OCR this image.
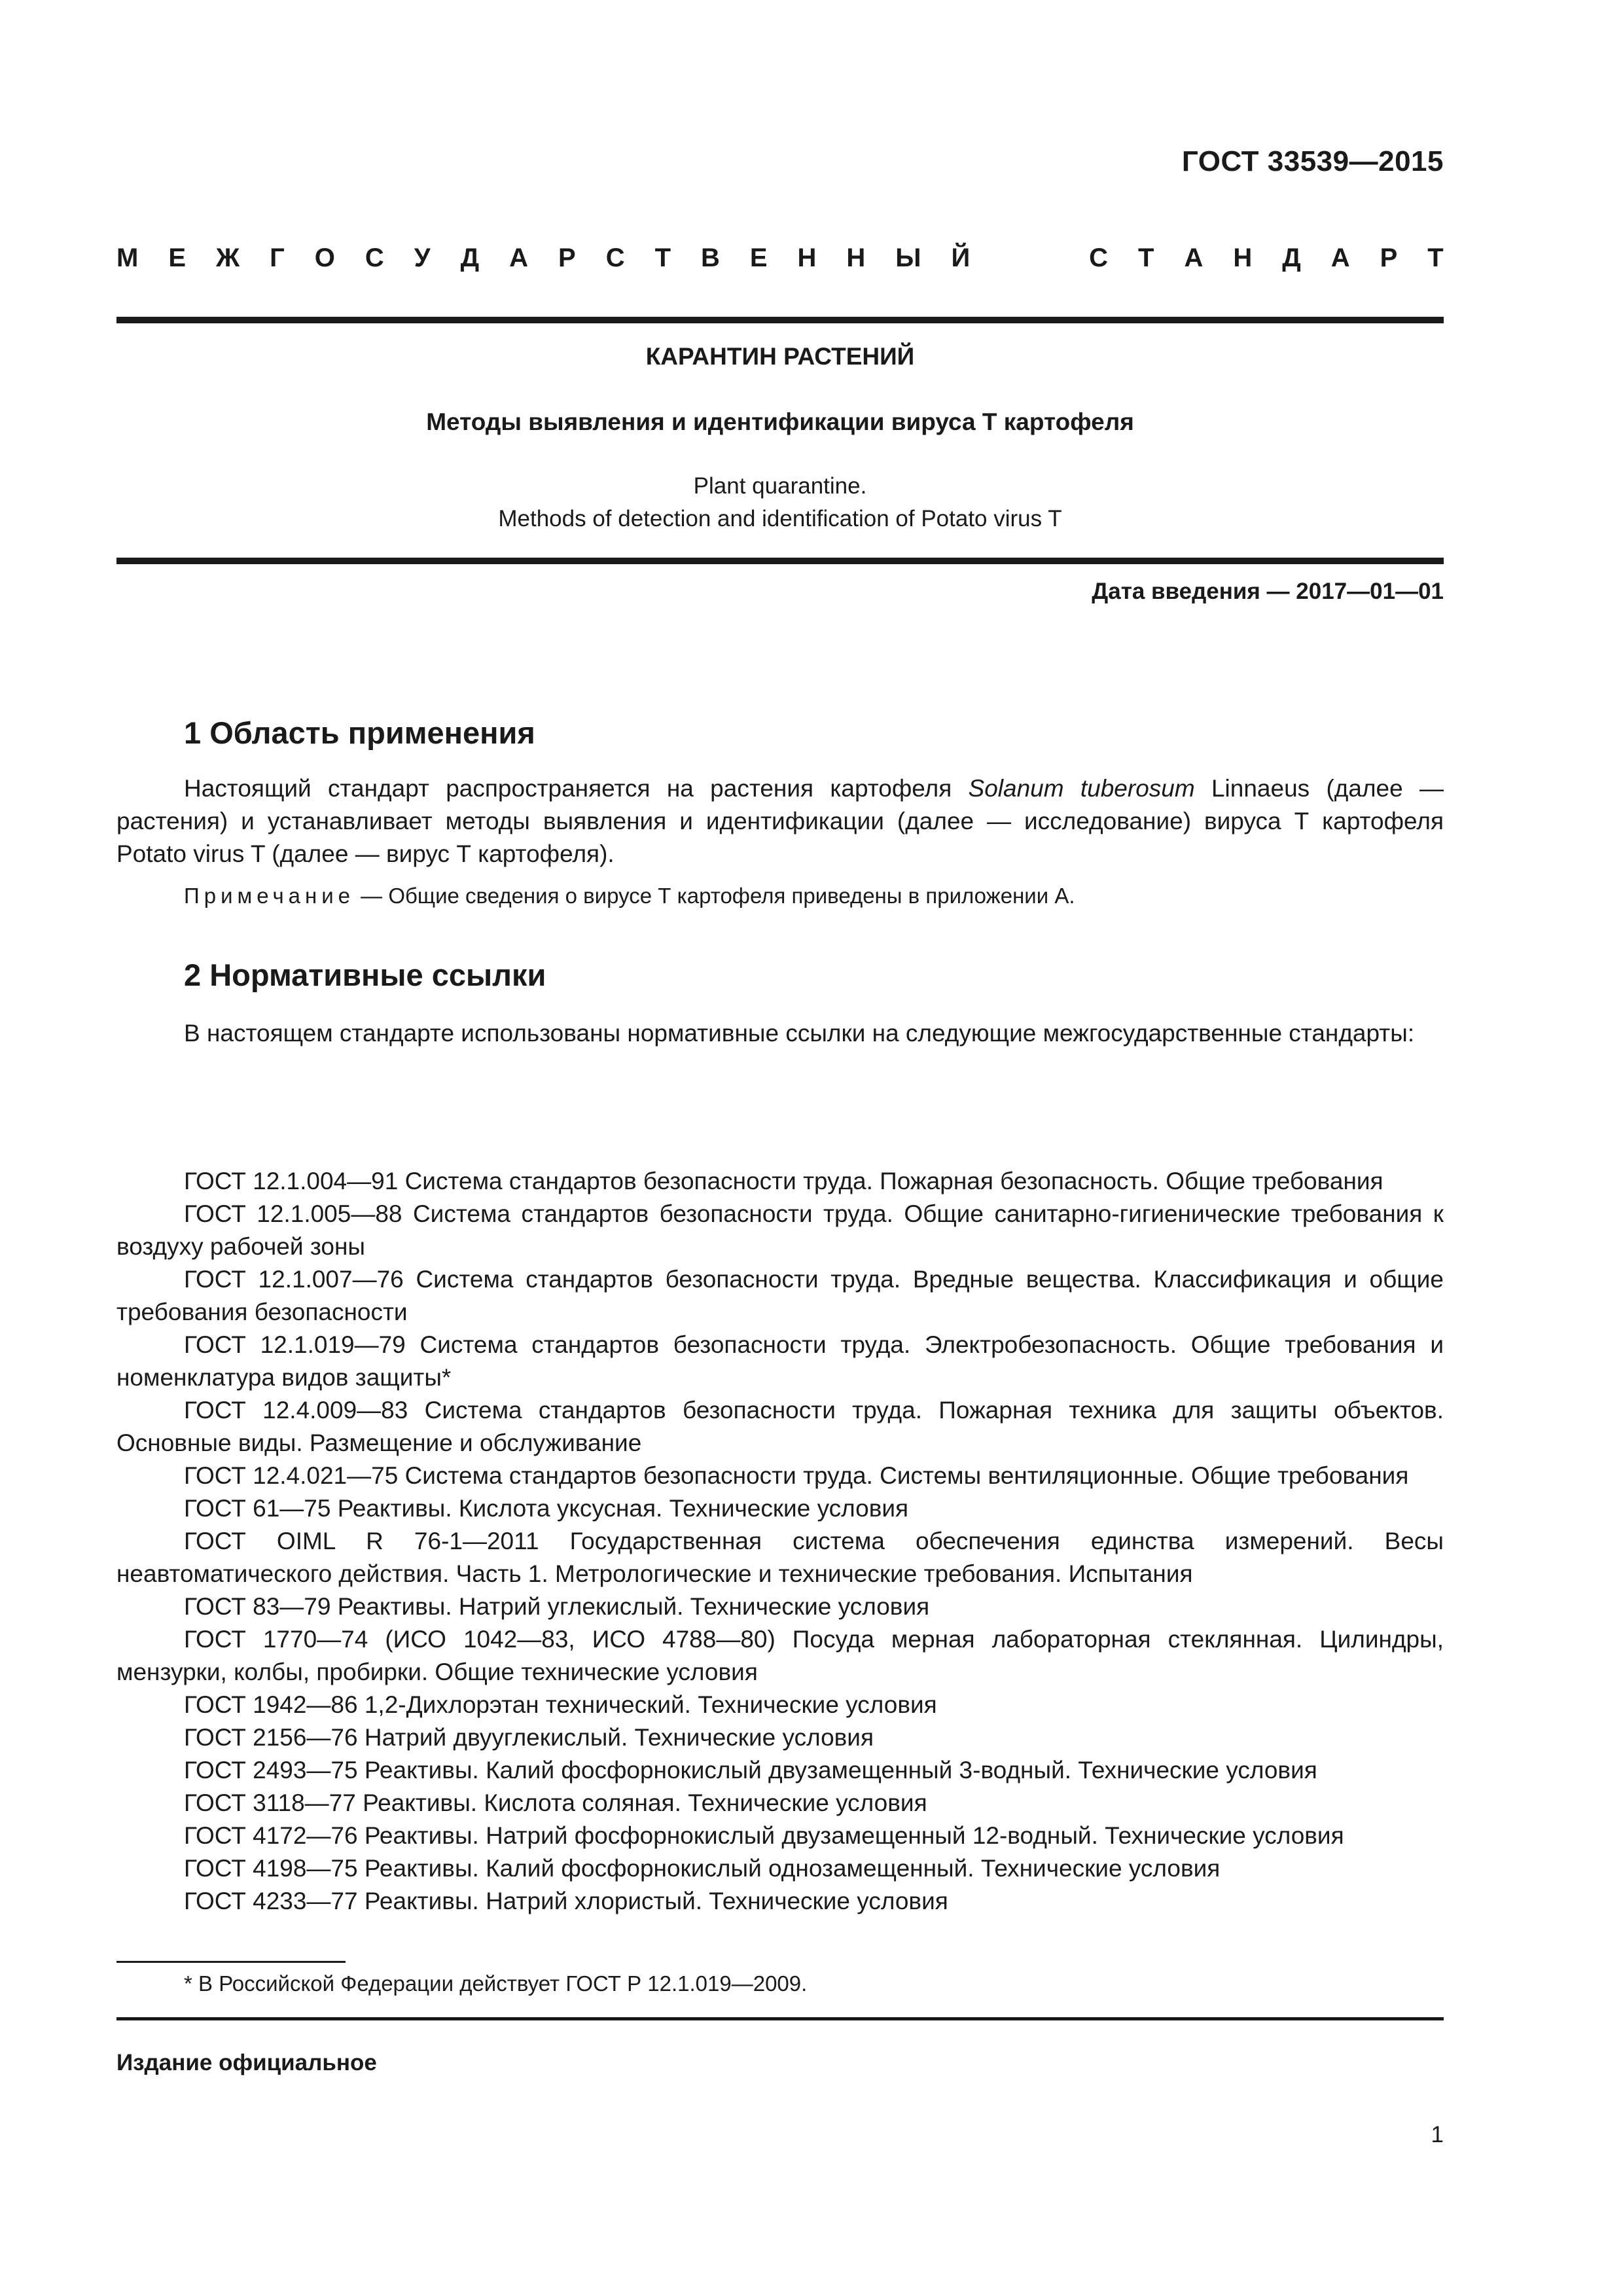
ГОСТ 33539—2015
М Е Ж Г О С У Д А Р С Т В Е Н Н Ы Й	С Т А Н Д А Р Т
КАРАНТИН РАСТЕНИЙ
Методы выявления и идентификации вируса Т картофеля
Plant quarantine.
Methods of detection and identification of Potato virus T
Дата введения — 2017—01—01
1 Область применения
Настоящий стандарт распространяется на растения картофеля Solanum tuberosum Linnaeus (далее — растения) и устанавливает методы выявления и идентификации (далее — исследование) вируса Т картофеля Potato virus T (далее — вирус Т картофеля).
Примечание — Общие сведения о вирусе Т картофеля приведены в приложении А.
2 Нормативные ссылки
В настоящем стандарте использованы нормативные ссылки на следующие межгосударственные стандарты:
ГОСТ 12.1.004—91 Система стандартов безопасности труда. Пожарная безопасность. Общие требования
ГОСТ 12.1.005—88 Система стандартов безопасности труда. Общие санитарно-гигиенические требования к воздуху рабочей зоны
ГОСТ 12.1.007—76 Система стандартов безопасности труда. Вредные вещества. Классификация и общие требования безопасности
ГОСТ 12.1.019—79 Система стандартов безопасности труда. Электробезопасность. Общие требования и номенклатура видов защиты*
ГОСТ 12.4.009—83 Система стандартов безопасности труда. Пожарная техника для защиты объектов. Основные виды. Размещение и обслуживание
ГОСТ 12.4.021—75 Система стандартов безопасности труда. Системы вентиляционные. Общие требования
ГОСТ 61—75 Реактивы. Кислота уксусная. Технические условия
ГОСТ OIML R 76-1—2011 Государственная система обеспечения единства измерений. Весы неавтоматического действия. Часть 1. Метрологические и технические требования. Испытания
ГОСТ 83—79 Реактивы. Натрий углекислый. Технические условия
ГОСТ 1770—74 (ИСО 1042—83, ИСО 4788—80) Посуда мерная лабораторная стеклянная. Цилиндры, мензурки, колбы, пробирки. Общие технические условия
ГОСТ 1942—86 1,2-Дихлорэтан технический. Технические условия
ГОСТ 2156—76 Натрий двууглекислый. Технические условия
ГОСТ 2493—75 Реактивы. Калий фосфорнокислый двузамещенный 3-водный. Технические условия
ГОСТ 3118—77 Реактивы. Кислота соляная. Технические условия
ГОСТ 4172—76 Реактивы. Натрий фосфорнокислый двузамещенный 12-водный. Технические условия
ГОСТ 4198—75 Реактивы. Калий фосфорнокислый однозамещенный. Технические условия
ГОСТ 4233—77 Реактивы. Натрий хлористый. Технические условия
* В Российской Федерации действует ГОСТ Р 12.1.019—2009.
Издание официальное
1
